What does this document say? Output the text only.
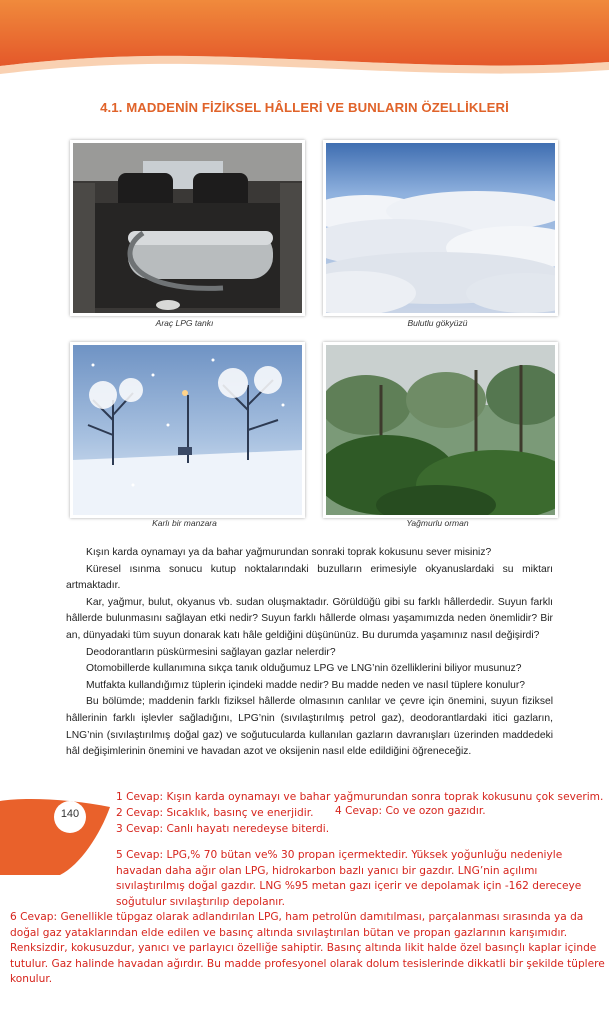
4.1. MADDENİN FİZİKSEL HÂLLERİ VE BUNLARIN ÖZELLİKLERİ
Araç LPG tankı	Bulutlu gökyüzü
Karlı bir manzara	Yağmurlu orman

Kışın karda oynamayı ya da bahar yağmurundan sonraki toprak kokusunu sever misiniz?

Küresel ısınma sonucu kutup noktalarındaki buzulların erimesiyle okyanuslardaki su miktarı artmaktadır.

Kar, yağmur, bulut, okyanus vb. sudan oluşmaktadır. Görüldüğü gibi su farklı hâllerdedir. Suyun farklı hâllerde bulunmasını sağlayan etki nedir? Suyun farklı hâllerde olması yaşamımızda neden önemlidir? Bir an, dünyadaki tüm suyun donarak katı hâle geldiğini düşününüz. Bu durumda yaşamınız nasıl değişirdi?

Deodorantların püskürmesini sağlayan gazlar nelerdir?

Otomobillerde kullanımına sıkça tanık olduğumuz LPG ve LNG’nin özelliklerini biliyor musunuz?

Mutfakta kullandığımız tüplerin içindeki madde nedir? Bu madde neden ve nasıl tüplere konulur?

Bu bölümde; maddenin farklı fiziksel hâllerde olmasının canlılar ve çevre için önemini, suyun fiziksel hâllerinin farklı işlevler sağladığını, LPG’nin (sıvılaştırılmış petrol gaz), deodorantlardaki itici gazların, LNG’nin (sıvılaştırılmış doğal gaz) ve soğutucularda kullanılan gazların davranışları üzerinden maddedeki hâl değişimlerinin önemini ve havadan azot ve oksijenin nasıl elde edildiğini öğreneceğiz.

140
1 Cevap: Kışın karda oynamayı ve bahar yağmurundan sonra toprak kokusunu çok severim.
2 Cevap: Sıcaklık, basınç ve enerjidir.	4 Cevap: Co ve ozon gazıdır.
3 Cevap: Canlı hayatı neredeyse biterdi.
5 Cevap: LPG,% 70 bütan ve% 30 propan içermektedir. Yüksek yoğunluğu nedeniyle havadan daha ağır olan LPG, hidrokarbon bazlı yanıcı bir gazdır. LNG’nin açılımı sıvılaştırılmış doğal gazdır. LNG %95 metan gazı içerir ve depolamak için -162 dereceye soğutulur sıvılaştırılıp depolanır.
6 Cevap: Genellikle tüpgaz olarak adlandırılan LPG, ham petrolün damıtılması, parçalanması sırasında ya da doğal gaz yataklarından elde edilen ve basınç altında sıvılaştırılan bütan ve propan gazlarının karışımıdır. Renksizdir, kokusuzdur, yanıcı ve parlayıcı özelliğe sahiptir. Basınç altında likit halde özel basınçlı kaplar içinde tutulur. Gaz halinde havadan ağırdır. Bu madde profesyonel olarak dolum tesislerinde dikkatli bir şekilde tüplere konulur.
